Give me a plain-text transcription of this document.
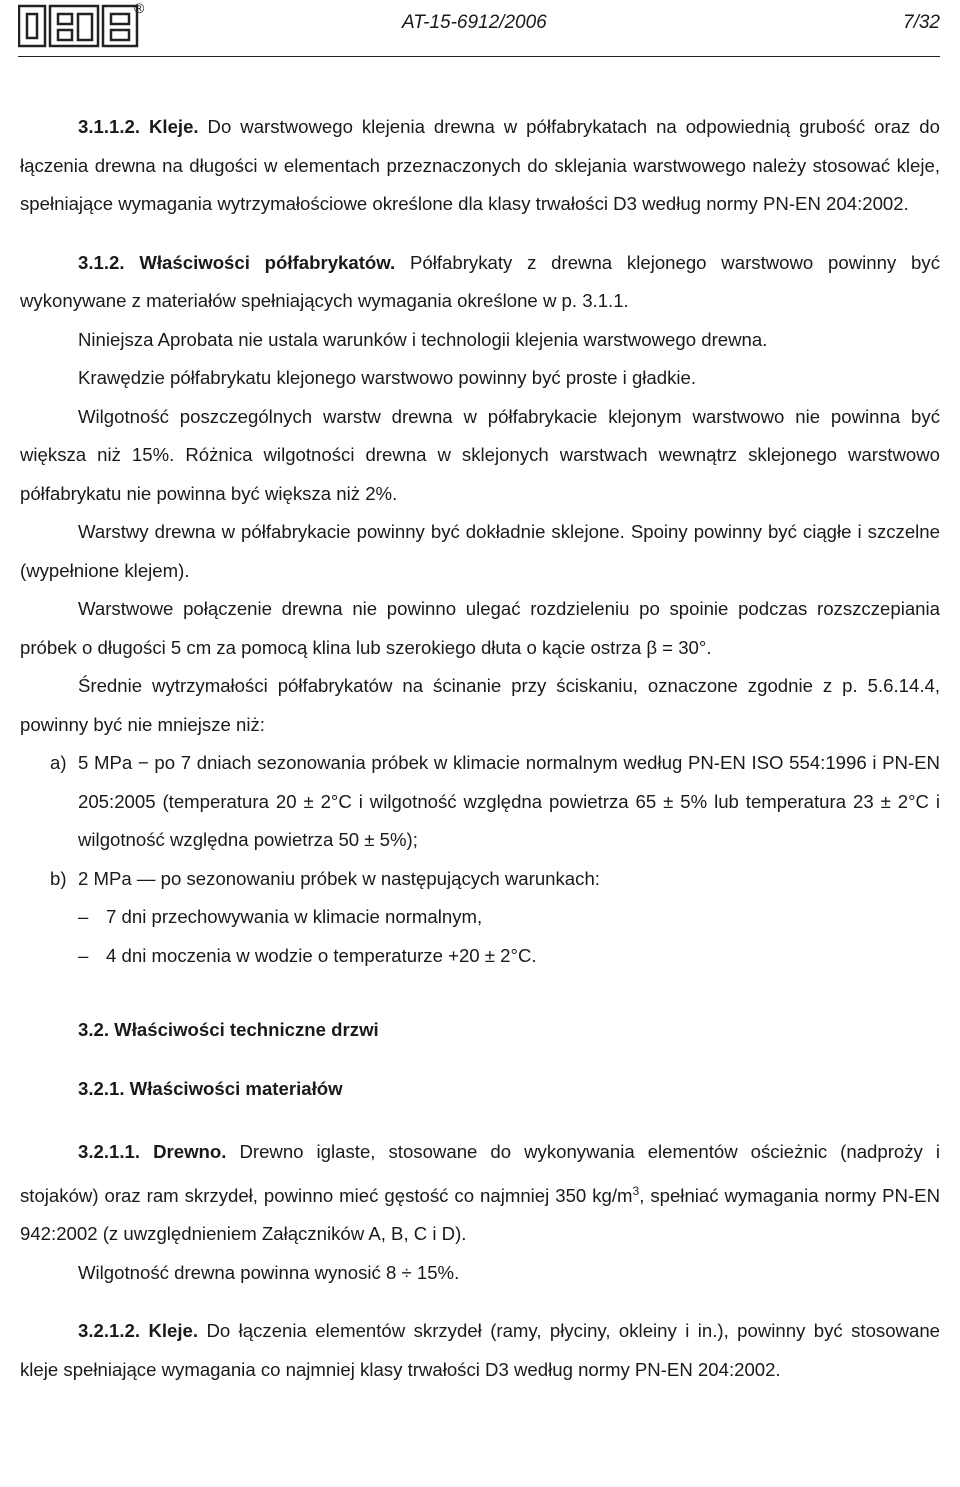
®
AT-15-6912/2006	7/32

3.1.1.2. Kleje. Do warstwowego klejenia drewna w półfabrykatach na odpowiednią grubość oraz do łączenia drewna na długości w elementach przeznaczonych do sklejania warstwowego należy stosować kleje, spełniające wymagania wytrzymałościowe określone dla klasy trwałości D3 według normy PN-EN 204:2002.

3.1.2. Właściwości półfabrykatów. Półfabrykaty z drewna klejonego warstwowo powinny być wykonywane z materiałów spełniających wymagania określone w p. 3.1.1.

Niniejsza Aprobata nie ustala warunków i technologii klejenia warstwowego drewna.

Krawędzie półfabrykatu klejonego warstwowo powinny być proste i gładkie.

Wilgotność poszczególnych warstw drewna w półfabrykacie klejonym warstwowo nie powinna być większa niż 15%. Różnica wilgotności drewna w sklejonych warstwach wewnątrz sklejonego warstwowo półfabrykatu nie powinna być większa niż 2%.

Warstwy drewna w półfabrykacie powinny być dokładnie sklejone. Spoiny powinny być ciągłe i szczelne (wypełnione klejem).

Warstwowe połączenie drewna nie powinno ulegać rozdzieleniu po spoinie podczas rozszczepiania próbek o długości 5 cm za pomocą klina lub szerokiego dłuta o kącie ostrza β = 30°.

Średnie wytrzymałości półfabrykatów na ścinanie przy ściskaniu, oznaczone zgodnie z p. 5.6.14.4, powinny być nie mniejsze niż:

a) 5 MPa − po 7 dniach sezonowania próbek w klimacie normalnym według PN-EN ISO 554:1996 i PN-EN 205:2005 (temperatura 20 ± 2°C i wilgotność względna powietrza 65 ± 5% lub temperatura 23 ± 2°C i wilgotność względna powietrza 50 ± 5%);
b) 2 MPa — po sezonowaniu próbek w następujących warunkach:
– 7 dni przechowywania w klimacie normalnym,
– 4 dni moczenia w wodzie o temperaturze +20 ± 2°C.

3.2. Właściwości techniczne drzwi

3.2.1. Właściwości materiałów

3.2.1.1. Drewno. Drewno iglaste, stosowane do wykonywania elementów ościeżnic (nadproży i stojaków) oraz ram skrzydeł, powinno mieć gęstość co najmniej 350 $kg/m^3$, spełniać wymagania normy PN-EN 942:2002 (z uwzględnieniem Załączników A, B, C i D).

Wilgotność drewna powinna wynosić 8 ÷ 15%.

3.2.1.2. Kleje. Do łączenia elementów skrzydeł (ramy, płyciny, okleiny i in.), powinny być stosowane kleje spełniające wymagania co najmniej klasy trwałości D3 według normy PN-EN 204:2002.
